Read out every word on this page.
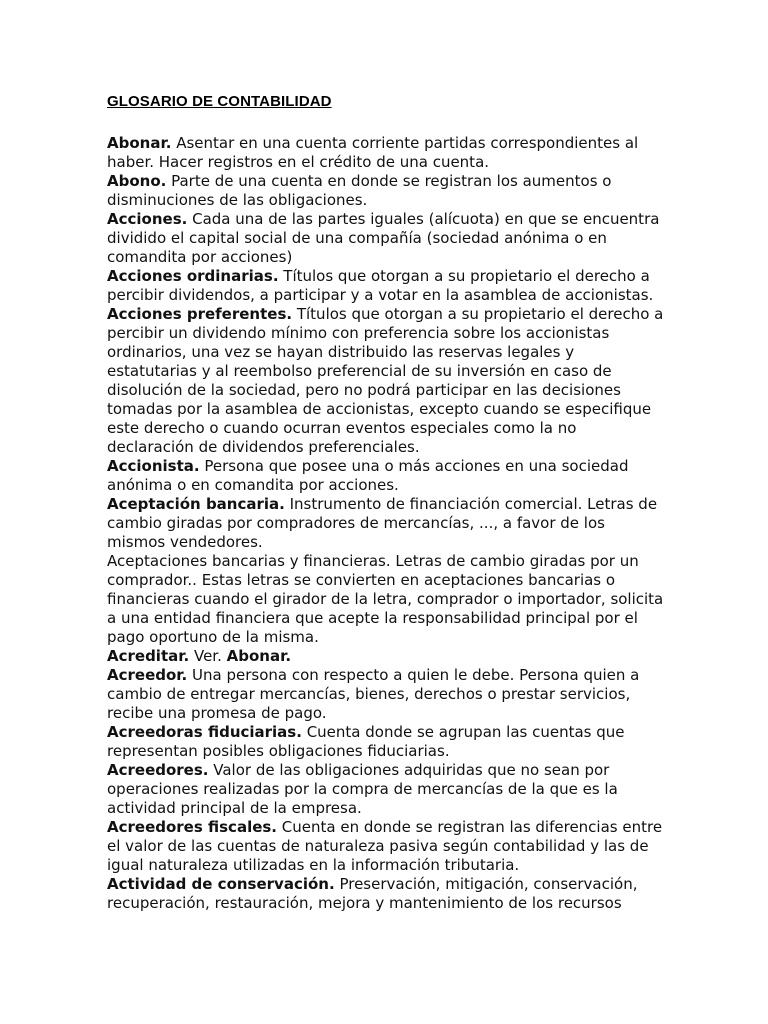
GLOSARIO DE CONTABILIDAD

Abonar. Asentar en una cuenta corriente partidas correspondientes al haber. Hacer registros en el crédito de una cuenta.

Abono. Parte de una cuenta en donde se registran los aumentos o disminuciones de las obligaciones.

Acciones. Cada una de las partes iguales (alícuota) en que se encuentra dividido el capital social de una compañía (sociedad anónima o en comandita por acciones)

Acciones ordinarias. Títulos que otorgan a su propietario el derecho a percibir dividendos, a participar y a votar en la asamblea de accionistas.

Acciones preferentes. Títulos que otorgan a su propietario el derecho a percibir un dividendo mínimo con preferencia sobre los accionistas ordinarios, una vez se hayan distribuido las reservas legales y estatutarias y al reembolso preferencial de su inversión en caso de disolución de la sociedad, pero no podrá participar en las decisiones tomadas por la asamblea de accionistas, excepto cuando se especifique este derecho o cuando ocurran eventos especiales como la no declaración de dividendos preferenciales.

Accionista. Persona que posee una o más acciones en una sociedad anónima o en comandita por acciones.

Aceptación bancaria. Instrumento de financiación comercial. Letras de cambio giradas por compradores de mercancías, ..., a favor de los mismos vendedores.

Aceptaciones bancarias y financieras. Letras de cambio giradas por un comprador.. Estas letras se convierten en aceptaciones bancarias o financieras cuando el girador de la letra, comprador o importador, solicita a una entidad financiera que acepte la responsabilidad principal por el pago oportuno de la misma.

Acreditar. Ver. Abonar.

Acreedor. Una persona con respecto a quien le debe. Persona quien a cambio de entregar mercancías, bienes, derechos o prestar servicios, recibe una promesa de pago.

Acreedoras fiduciarias. Cuenta donde se agrupan las cuentas que representan posibles obligaciones fiduciarias.

Acreedores. Valor de las obligaciones adquiridas que no sean por operaciones realizadas por la compra de mercancías de la que es la actividad principal de la empresa.

Acreedores fiscales. Cuenta en donde se registran las diferencias entre el valor de las cuentas de naturaleza pasiva según contabilidad y las de igual naturaleza utilizadas en la información tributaria.

Actividad de conservación. Preservación, mitigación, conservación, recuperación, restauración, mejora y mantenimiento de los recursos
